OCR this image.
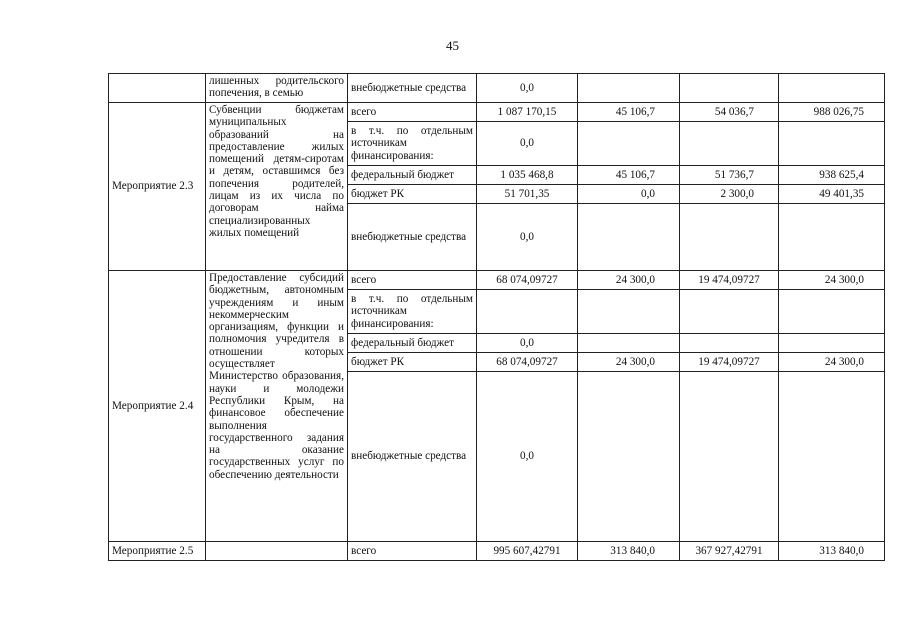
45
	лишенных родительского попечения, в семью	внебюджетные средства	0,0			
Мероприятие 2.3	Субвенции бюджетам муниципальных образований на предоставление жилых помещений детям-сиротам и детям, оставшимся без попечения родителей, лицам из их числа по договорам найма специализированных жилых помещений	всего	1 087 170,15	45 106,7	54 036,7	988 026,75
		в т.ч. по отдельным источникам финансирования:	0,0			
		федеральный бюджет	1 035 468,8	45 106,7	51 736,7	938 625,4
		бюджет РК	51 701,35	0,0	2 300,0	49 401,35
		внебюджетные средства	0,0			
Мероприятие 2.4	Предоставление субсидий бюджетным, автономным учреждениям и иным некоммерческим организациям, функции и полномочия учредителя в отношении которых осуществляет Министерство образования, науки и молодежи Республики Крым, на финансовое обеспечение выполнения государственного задания на оказание государственных услуг по обеспечению деятельности	всего	68 074,09727	24 300,0	19 474,09727	24 300,0
		в т.ч. по отдельным источникам финансирования:				
		федеральный бюджет	0,0			
		бюджет РК	68 074,09727	24 300,0	19 474,09727	24 300,0
		внебюджетные средства	0,0			
Мероприятие 2.5		всего	995 607,42791	313 840,0	367 927,42791	313 840,0
